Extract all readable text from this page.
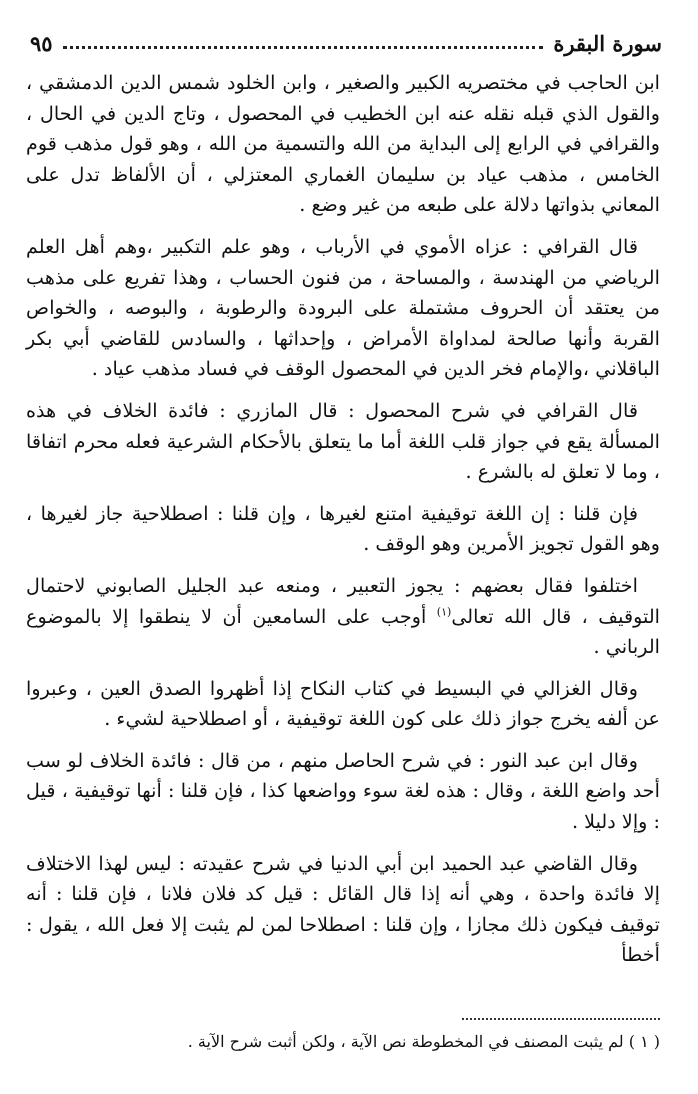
سورة البقرة
٩٥

ابن الحاجب في مختصريه الكبير والصغير ، وابن الخلود شمس الدين الدمشقي ، والقول الذي قبله نقله عنه ابن الخطيب في المحصول ، وتاج الدين في الحال ، والقرافي في الرابع إلى البداية من الله والتسمية من الله ، وهو قول مذهب قوم الخامس ، مذهب عياد بن سليمان الغماري المعتزلي ، أن الألفاظ تدل على المعاني بذواتها دلالة على طبعه من غير وضع .

قال القرافي : عزاه الأموي في الأرباب ، وهو علم التكبير ،وهم أهل العلم الرياضي من الهندسة ، والمساحة ، من فنون الحساب ، وهذا تفريع على مذهب من يعتقد أن الحروف مشتملة على البرودة والرطوبة ، والبوصه ، والخواص القربة وأنها صالحة لمداواة الأمراض ، وإحداثها ، والسادس للقاضي أبي بكر الباقلاني ،والإمام فخر الدين في المحصول الوقف في فساد مذهب عياد .

قال القرافي في شرح المحصول : قال المازري : فائدة الخلاف في هذه المسألة يقع في جواز قلب اللغة أما ما يتعلق بالأحكام الشرعية فعله محرم اتفاقا ، وما لا تعلق له بالشرع .

فإن قلنا : إن اللغة توقيفية امتنع لغيرها ، وإن قلنا : اصطلاحية جاز لغيرها ، وهو القول تجويز الأمرين وهو الوقف .

اختلفوا فقال بعضهم : يجوز التعبير ، ومنعه عبد الجليل الصابوني لاحتمال التوقيف ، قال الله تعالى$^{(١)}$ أوجب على السامعين أن لا ينطقوا إلا بالموضوع الرباني .

وقال الغزالي في البسيط في كتاب النكاح إذا أظهروا الصدق العين ، وعبروا عن ألفه يخرج جواز ذلك على كون اللغة توقيفية ، أو اصطلاحية لشيء .

وقال ابن عبد النور : في شرح الحاصل منهم ، من قال : فائدة الخلاف لو سب أحد واضع اللغة ، وقال : هذه لغة سوء وواضعها كذا ، فإن قلنا : أنها توقيفية ، قيل : وإلا دليلا .

وقال القاضي عبد الحميد ابن أبي الدنيا في شرح عقيدته : ليس لهذا الاختلاف إلا فائدة واحدة ، وهي أنه إذا قال القائل : قيل كد فلان فلانا ، فإن قلنا : أنه توقيف فيكون ذلك مجازا ، وإن قلنا : اصطلاحا لمن لم يثبت إلا فعل الله ، يقول : أخطأ

( ١ ) لم يثبت المصنف في المخطوطة نص الآية ، ولكن أثبت شرح الآية .
